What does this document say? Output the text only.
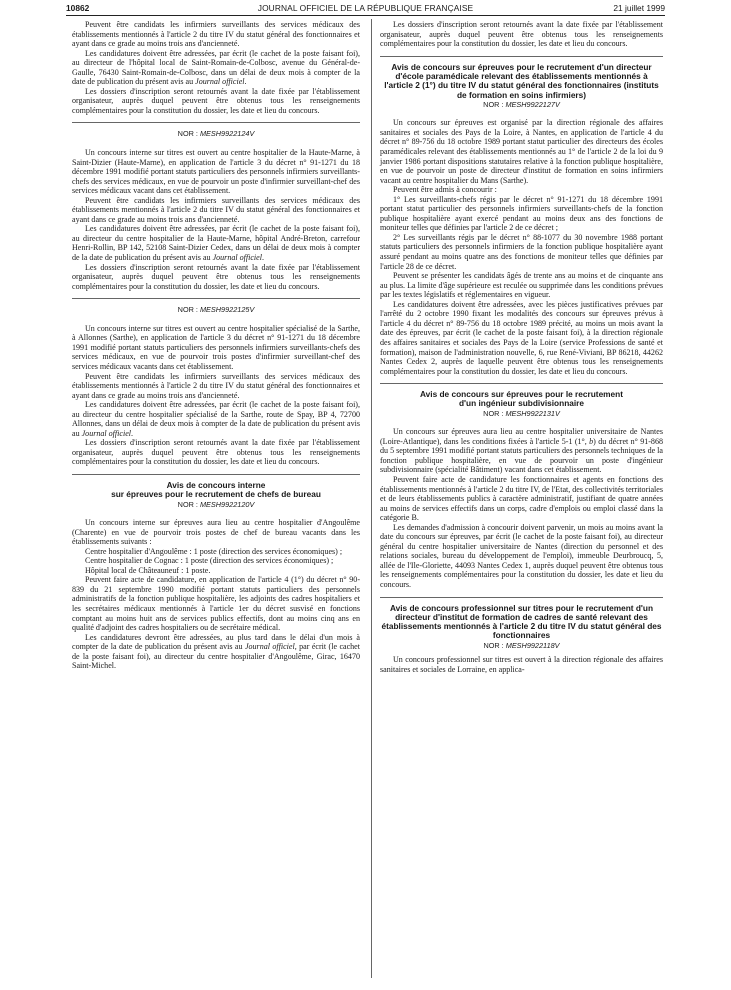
10862	JOURNAL OFFICIEL DE LA RÉPUBLIQUE FRANÇAISE	21 juillet 1999

Peuvent être candidats les infirmiers surveillants des services médicaux des établissements mentionnés à l'article 2 du titre IV du statut général des fonctionnaires et ayant dans ce grade au moins trois ans d'ancienneté.

Les candidatures doivent être adressées, par écrit (le cachet de la poste faisant foi), au directeur de l'hôpital local de Saint-Romain-de-Colbosc, avenue du Général-de-Gaulle, 76430 Saint-Romain-de-Colbosc, dans un délai de deux mois à compter de la date de publication du présent avis au Journal officiel.

Les dossiers d'inscription seront retournés avant la date fixée par l'établissement organisateur, auprès duquel peuvent être obtenus tous les renseignements complémentaires pour la constitution du dossier, les date et lieu du concours.

NOR : MESH9922124V

Un concours interne sur titres est ouvert au centre hospitalier de la Haute-Marne, à Saint-Dizier (Haute-Marne), en application de l'article 3 du décret n° 91-1271 du 18 décembre 1991 modifié portant statuts particuliers des personnels infirmiers surveillants-chefs des services médicaux, en vue de pourvoir un poste d'infirmier surveillant-chef des services médicaux vacant dans cet établissement.

Peuvent être candidats les infirmiers surveillants des services médicaux des établissements mentionnés à l'article 2 du titre IV du statut général des fonctionnaires et ayant dans ce grade au moins trois ans d'ancienneté.

Les candidatures doivent être adressées, par écrit (le cachet de la poste faisant foi), au directeur du centre hospitalier de la Haute-Marne, hôpital André-Breton, carrefour Henri-Rollin, BP 142, 52108 Saint-Dizier Cedex, dans un délai de deux mois à compter de la date de publication du présent avis au Journal officiel.

Les dossiers d'inscription seront retournés avant la date fixée par l'établissement organisateur, auprès duquel peuvent être obtenus tous les renseignements complémentaires pour la constitution du dossier, les date et lieu du concours.

NOR : MESH9922125V

Un concours interne sur titres est ouvert au centre hospitalier spécialisé de la Sarthe, à Allonnes (Sarthe), en application de l'article 3 du décret n° 91-1271 du 18 décembre 1991 modifié portant statuts particuliers des personnels infirmiers surveillants-chefs des services médicaux, en vue de pourvoir trois postes d'infirmier surveillant-chef des services médicaux vacants dans cet établissement.

Peuvent être candidats les infirmiers surveillants des services médicaux des établissements mentionnés à l'article 2 du titre IV du statut général des fonctionnaires et ayant dans ce grade au moins trois ans d'ancienneté.

Les candidatures doivent être adressées, par écrit (le cachet de la poste faisant foi), au directeur du centre hospitalier spécialisé de la Sarthe, route de Spay, BP 4, 72700 Allonnes, dans un délai de deux mois à compter de la date de publication du présent avis au Journal officiel.

Les dossiers d'inscription seront retournés avant la date fixée par l'établissement organisateur, auprès duquel peuvent être obtenus tous les renseignements complémentaires pour la constitution du dossier, les date et lieu du concours.

Avis de concours interne

sur épreuves pour le recrutement de chefs de bureau

NOR : MESH9922120V

Un concours interne sur épreuves aura lieu au centre hospitalier d'Angoulême (Charente) en vue de pourvoir trois postes de chef de bureau vacants dans les établissements suivants :

Centre hospitalier d'Angoulême : 1 poste (direction des services économiques) ;

Centre hospitalier de Cognac : 1 poste (direction des services économiques) ;

Hôpital local de Châteauneuf : 1 poste.

Peuvent faire acte de candidature, en application de l'article 4 (1°) du décret n° 90-839 du 21 septembre 1990 modifié portant statuts particuliers des personnels administratifs de la fonction publique hospitalière, les adjoints des cadres hospitaliers et les secrétaires médicaux mentionnés à l'article 1er du décret susvisé en fonctions comptant au moins huit ans de services publics effectifs, dont au moins cinq ans en qualité d'adjoint des cadres hospitaliers ou de secrétaire médical.

Les candidatures devront être adressées, au plus tard dans le délai d'un mois à compter de la date de publication du présent avis au Journal officiel, par écrit (le cachet de la poste faisant foi), au directeur du centre hospitalier d'Angoulême, Girac, 16470 Saint-Michel.

Les dossiers d'inscription seront retournés avant la date fixée par l'établissement organisateur, auprès duquel peuvent être obtenus tous les renseignements complémentaires pour la constitution du dossier, les date et lieu du concours.

Avis de concours sur épreuves pour le recrutement d'un directeur d'école paramédicale relevant des établissements mentionnés à l'article 2 (1°) du titre IV du statut général des fonctionnaires (instituts de formation en soins infirmiers)

NOR : MESH9922127V

Un concours sur épreuves est organisé par la direction régionale des affaires sanitaires et sociales des Pays de la Loire, à Nantes, en application de l'article 4 du décret n° 89-756 du 18 octobre 1989 portant statut particulier des directeurs des écoles paramédicales relevant des établissements mentionnés au 1° de l'article 2 de la loi du 9 janvier 1986 portant dispositions statutaires relative à la fonction publique hospitalière, en vue de pourvoir un poste de directeur d'institut de formation en soins infirmiers vacant au centre hospitalier du Mans (Sarthe).

Peuvent être admis à concourir :

1° Les surveillants-chefs régis par le décret n° 91-1271 du 18 décembre 1991 portant statut particulier des personnels infirmiers surveillants-chefs de la fonction publique hospitalière ayant exercé pendant au moins deux ans des fonctions de moniteur telles que définies par l'article 2 de ce décret ;

2° Les surveillants régis par le décret n° 88-1077 du 30 novembre 1988 portant statuts particuliers des personnels infirmiers de la fonction publique hospitalière ayant assuré pendant au moins quatre ans des fonctions de moniteur telles que définies par l'article 28 de ce décret.

Peuvent se présenter les candidats âgés de trente ans au moins et de cinquante ans au plus. La limite d'âge supérieure est reculée ou supprimée dans les conditions prévues par les textes législatifs et réglementaires en vigueur.

Les candidatures doivent être adressées, avec les pièces justificatives prévues par l'arrêté du 2 octobre 1990 fixant les modalités des concours sur épreuves prévus à l'article 4 du décret n° 89-756 du 18 octobre 1989 précité, au moins un mois avant la date des épreuves, par écrit (le cachet de la poste faisant foi), à la direction régionale des affaires sanitaires et sociales des Pays de la Loire (service Professions de santé et formation), maison de l'administration nouvelle, 6, rue René-Viviani, BP 86218, 44262 Nantes Cedex 2, auprès de laquelle peuvent être obtenus tous les renseignements complémentaires pour la constitution du dossier, les date et lieu du concours.

Avis de concours sur épreuves pour le recrutement

d'un ingénieur subdivisionnaire

NOR : MESH9922131V

Un concours sur épreuves aura lieu au centre hospitalier universitaire de Nantes (Loire-Atlantique), dans les conditions fixées à l'article 5-1 (1°, b) du décret n° 91-868 du 5 septembre 1991 modifié portant statuts particuliers des personnels techniques de la fonction publique hospitalière, en vue de pourvoir un poste d'ingénieur subdivisionnaire (spécialité Bâtiment) vacant dans cet établissement.

Peuvent faire acte de candidature les fonctionnaires et agents en fonctions des établissements mentionnés à l'article 2 du titre IV, de l'Etat, des collectivités territoriales et de leurs établissements publics à caractère administratif, justifiant de quatre années au moins de services effectifs dans un corps, cadre d'emplois ou emploi classé dans la catégorie B.

Les demandes d'admission à concourir doivent parvenir, un mois au moins avant la date du concours sur épreuves, par écrit (le cachet de la poste faisant foi), au directeur général du centre hospitalier universitaire de Nantes (direction du personnel et des relations sociales, bureau du développement de l'emploi), immeuble Deurbroucq, 5, allée de l'Ile-Gloriette, 44093 Nantes Cedex 1, auprès duquel peuvent être obtenus tous les renseignements complémentaires pour la constitution du dossier, les date et lieu du concours.

Avis de concours professionnel sur titres pour le recrutement d'un directeur d'institut de formation de cadres de santé relevant des établissements mentionnés à l'article 2 du titre IV du statut général des fonctionnaires

NOR : MESH9922118V

Un concours professionnel sur titres est ouvert à la direction régionale des affaires sanitaires et sociales de Lorraine, en applica-
